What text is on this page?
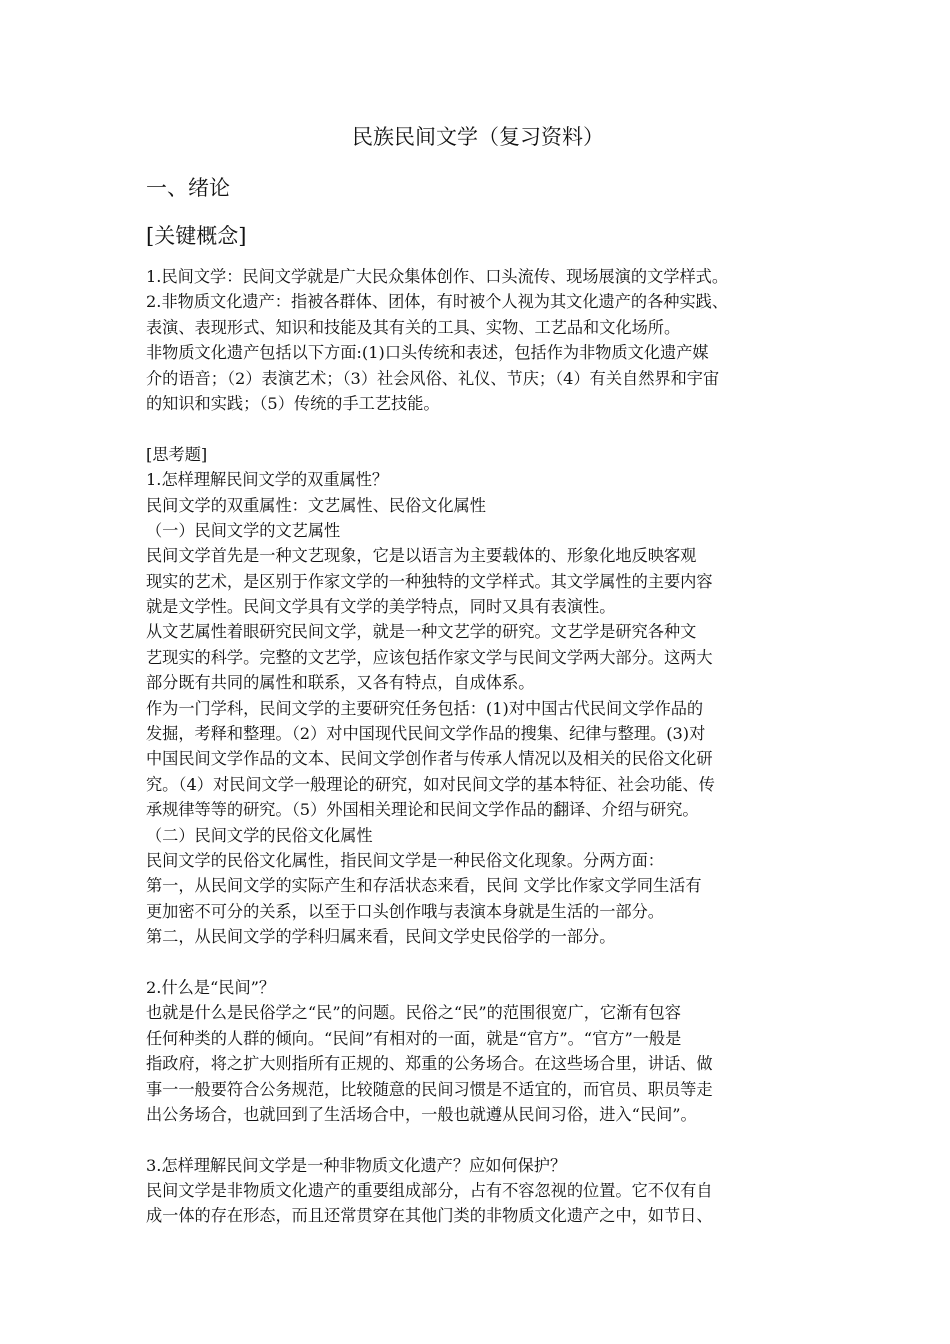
民族民间文学（复习资料）
一、绪论
[关键概念]
1.民间文学：民间文学就是广大民众集体创作、口头流传、现场展演的文学样式。
2.非物质文化遗产：指被各群体、团体，有时被个人视为其文化遗产的各种实践、
表演、表现形式、知识和技能及其有关的工具、实物、工艺品和文化场所。
非物质文化遗产包括以下方面:(1)口头传统和表述，包括作为非物质文化遗产媒
介的语音；（2）表演艺术；（3）社会风俗、礼仪、节庆；（4）有关自然界和宇宙
的知识和实践；（5）传统的手工艺技能。
[思考题]
1.怎样理解民间文学的双重属性？
民间文学的双重属性：文艺属性、民俗文化属性
（一）民间文学的文艺属性
民间文学首先是一种文艺现象，它是以语言为主要载体的、形象化地反映客观
现实的艺术，是区别于作家文学的一种独特的文学样式。其文学属性的主要内容
就是文学性。民间文学具有文学的美学特点，同时又具有表演性。
从文艺属性着眼研究民间文学，就是一种文艺学的研究。文艺学是研究各种文
艺现实的科学。完整的文艺学，应该包括作家文学与民间文学两大部分。这两大
部分既有共同的属性和联系，又各有特点，自成体系。
作为一门学科，民间文学的主要研究任务包括：(1)对中国古代民间文学作品的
发掘，考释和整理。（2）对中国现代民间文学作品的搜集、纪律与整理。(3)对
中国民间文学作品的文本、民间文学创作者与传承人情况以及相关的民俗文化研
究。（4）对民间文学一般理论的研究，如对民间文学的基本特征、社会功能、传
承规律等等的研究。（5）外国相关理论和民间文学作品的翻译、介绍与研究。
（二）民间文学的民俗文化属性
民间文学的民俗文化属性，指民间文学是一种民俗文化现象。分两方面：
第一，从民间文学的实际产生和存活状态来看，民间 文学比作家文学同生活有
更加密不可分的关系，以至于口头创作哦与表演本身就是生活的一部分。
第二，从民间文学的学科归属来看，民间文学史民俗学的一部分。
2.什么是“民间”？
也就是什么是民俗学之“民”的问题。民俗之“民”的范围很宽广，它渐有包容
任何种类的人群的倾向。“民间”有相对的一面，就是“官方”。“官方”一般是
指政府，将之扩大则指所有正规的、郑重的公务场合。在这些场合里，讲话、做
事一一般要符合公务规范，比较随意的民间习惯是不适宜的，而官员、职员等走
出公务场合，也就回到了生活场合中，一般也就遵从民间习俗，进入“民间”。
3.怎样理解民间文学是一种非物质文化遗产？应如何保护？
民间文学是非物质文化遗产的重要组成部分，占有不容忽视的位置。它不仅有自
成一体的存在形态，而且还常贯穿在其他门类的非物质文化遗产之中，如节日、
